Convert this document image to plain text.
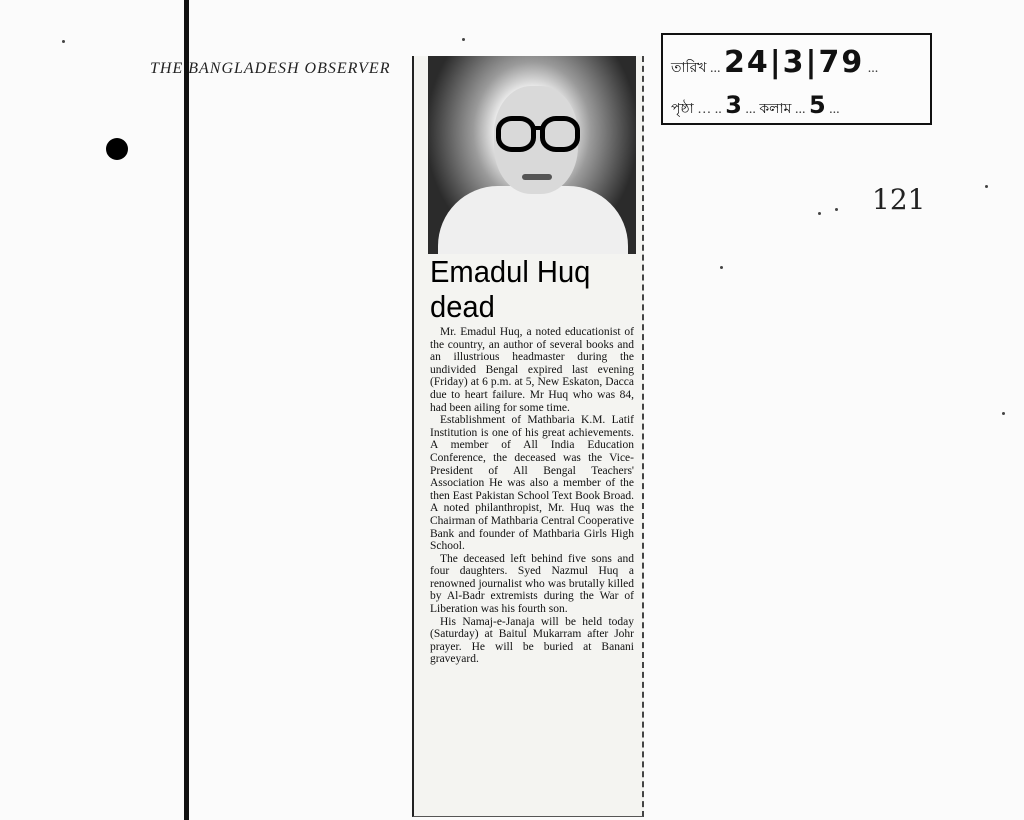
THE BANGLADESH OBSERVER
Emadul Huq dead

Mr. Emadul Huq, a noted educationist of the country, an author of several books and an illustrious headmaster during the undivided Bengal expired last evening (Friday) at 6 p.m. at 5, New Eskaton, Dacca due to heart failure. Mr Huq who was 84, had been ailing for some time.

Establishment of Mathbaria K.M. Latif Institution is one of his great achievements. A member of All India Education Conference, the deceased was the Vice-President of All Bengal Teachers' Association He was also a member of the then East Pakistan School Text Book Broad. A noted philanthropist, Mr. Huq was the Chairman of Mathbaria Central Cooperative Bank and founder of Mathbaria Girls High School.

The deceased left behind five sons and four daughters. Syed Nazmul Huq a renowned journalist who was brutally killed by Al-Badr extremists during the War of Liberation was his fourth son.

His Namaj-e-Janaja will be held today (Saturday) at Baitul Mukarram after Johr prayer. He will be buried at Banani graveyard.

তারিখ ... 24|3|79 ...
পৃষ্ঠা … .. 3 ... কলাম ... 5 ...
121
